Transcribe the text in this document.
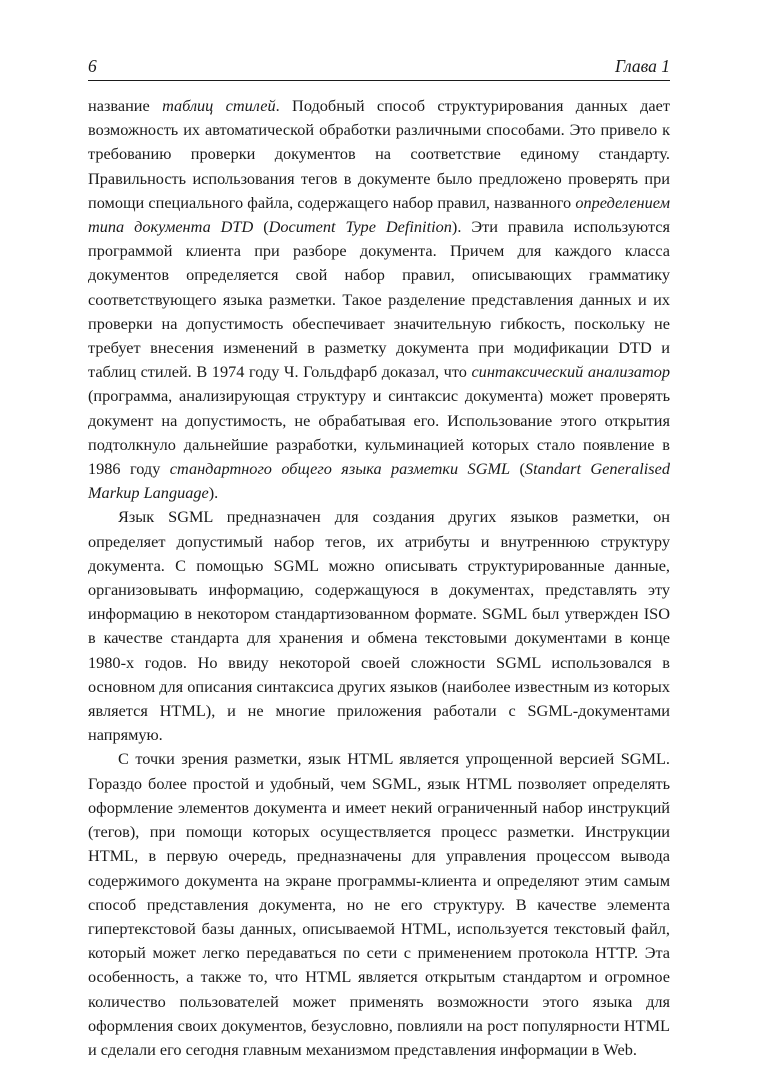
6	Глава 1

название таблиц стилей. Подобный способ структурирования данных дает возможность их автоматической обработки различными способами. Это привело к требованию проверки документов на соответствие единому стандарту. Правильность использования тегов в документе было предложено проверять при помощи специального файла, содержащего набор правил, названного определением типа документа DTD (Document Type Definition). Эти правила используются программой клиента при разборе документа. Причем для каждого класса документов определяется свой набор правил, описывающих грамматику соответствующего языка разметки. Такое разделение представления данных и их проверки на допустимость обеспечивает значительную гибкость, поскольку не требует внесения изменений в разметку документа при модификации DTD и таблиц стилей. В 1974 году Ч. Гольдфарб доказал, что синтаксический анализатор (программа, анализирующая структуру и синтаксис документа) может проверять документ на допустимость, не обрабатывая его. Использование этого открытия подтолкнуло дальнейшие разработки, кульминацией которых стало появление в 1986 году стандартного общего языка разметки SGML (Standart Generalised Markup Language).

Язык SGML предназначен для создания других языков разметки, он определяет допустимый набор тегов, их атрибуты и внутреннюю структуру документа. С помощью SGML можно описывать структурированные данные, организовывать информацию, содержащуюся в документах, представлять эту информацию в некотором стандартизованном формате. SGML был утвержден ISO в качестве стандарта для хранения и обмена текстовыми документами в конце 1980-х годов. Но ввиду некоторой своей сложности SGML использовался в основном для описания синтаксиса других языков (наиболее известным из которых является HTML), и не многие приложения работали с SGML-документами напрямую.

С точки зрения разметки, язык HTML является упрощенной версией SGML. Гораздо более простой и удобный, чем SGML, язык HTML позволяет определять оформление элементов документа и имеет некий ограниченный набор инструкций (тегов), при помощи которых осуществляется процесс разметки. Инструкции HTML, в первую очередь, предназначены для управления процессом вывода содержимого документа на экране программы-клиента и определяют этим самым способ представления документа, но не его структуру. В качестве элемента гипертекстовой базы данных, описываемой HTML, используется текстовый файл, который может легко передаваться по сети с применением протокола HTTP. Эта особенность, а также то, что HTML является открытым стандартом и огромное количество пользователей может применять возможности этого языка для оформления своих документов, безусловно, повлияли на рост популярности HTML и сделали его сегодня главным механизмом представления информации в Web.
